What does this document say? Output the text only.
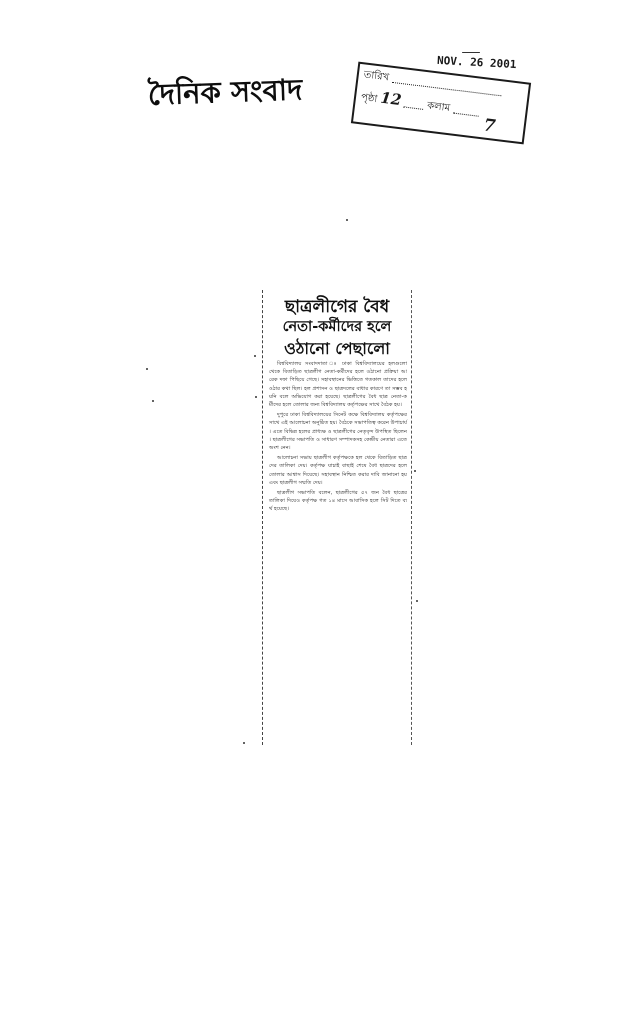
দৈনিক সংবাদ
NOV. 26 2001
তারিখ
পৃষ্ঠা 12 কলাম
7
ছাত্রলীগের বৈধ
নেতা-কর্মীদের হলে
ওঠানো পেছালো

বিশ্ববিদ্যালয় সংবাদদাতা ঃ ঢাকা বিশ্ববিদ্যালয়ের হলগুলো থেকে বিতাড়িত ছাত্রলীগ নেতা-কর্মীদের হলে ওঠানো প্রক্রিয়া আরেক দফা পিছিয়ে গেছে। সহাবস্থানের ভিত্তিতে গতকাল তাদের হলে ওঠার কথা ছিল। হল প্রশাসন ও ছাত্রদলের বাধার কারণে তা সম্ভব হয়নি বলে অভিযোগ করা হয়েছে। ছাত্রলীগের বৈধ ছাত্র নেতা-কর্মীদের হলে তোলার জন্য বিশ্ববিদ্যালয় কর্তৃপক্ষের সাথে বৈঠক হয়।

দুপুরে ঢাকা বিশ্ববিদ্যালয়ের সিনেট কক্ষে বিশ্ববিদ্যালয় কর্তৃপক্ষের সাথে এই আলোচনা অনুষ্ঠিত হয়। বৈঠকে সভাপতিত্ব করেন উপাচার্য। এতে বিভিন্ন হলের প্রাধ্যক্ষ ও ছাত্রলীগের নেতৃবৃন্দ উপস্থিত ছিলেন। ছাত্রলীগের সভাপতি ও সাধারণ সম্পাদকসহ কেন্দ্রীয় নেতারা এতে অংশ নেন।

আলোচনা সভায় ছাত্রলীগ কর্তৃপক্ষকে হল থেকে বিতাড়িত ছাত্রদের তালিকা দেয়। কর্তৃপক্ষ যাচাই বাছাই শেষে বৈধ ছাত্রদের হলে তোলার আশ্বাস দিয়েছে। সহাবস্থান নিশ্চিত করার দাবি জানানো হয় এবং ছাত্রলীগ সম্মতি দেয়।

ছাত্রলীগ সভাপতি বলেন, ছাত্রলীগের ৫৭ জন বৈধ ছাত্রের তালিকা দিয়েও কর্তৃপক্ষ গত ১৪ মাসে আবাসিক হলে সিট দিতে ব্যর্থ হয়েছে।
